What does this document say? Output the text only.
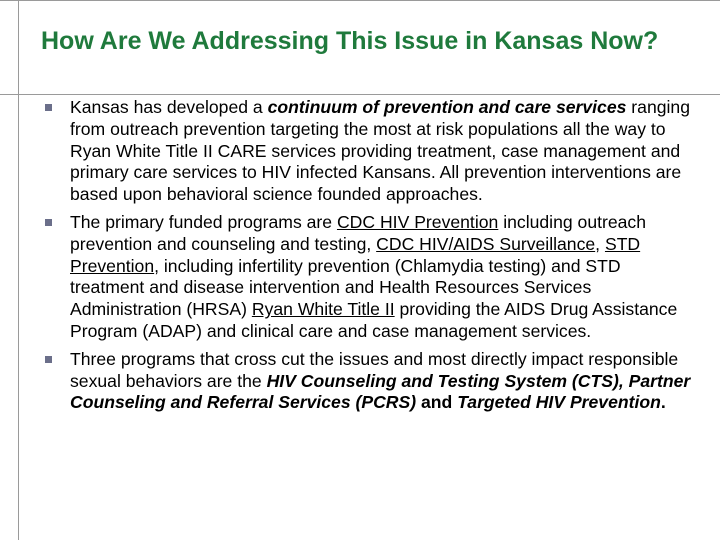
How Are We Addressing This Issue in Kansas Now?
Kansas has developed a continuum of prevention and care services ranging from outreach prevention targeting the most at risk populations all the way to Ryan White Title II CARE services providing treatment, case management and primary care services to HIV infected Kansans. All prevention interventions are based upon behavioral science founded approaches.
The primary funded programs are CDC HIV Prevention including outreach prevention and counseling and testing, CDC HIV/AIDS Surveillance, STD Prevention, including infertility prevention (Chlamydia testing) and STD treatment and disease intervention and Health Resources Services Administration (HRSA) Ryan White Title II providing the AIDS Drug Assistance Program (ADAP) and clinical care and case management services.
Three programs that cross cut the issues and most directly impact responsible sexual behaviors are the HIV Counseling and Testing System (CTS), Partner Counseling and Referral Services (PCRS) and Targeted HIV Prevention.
